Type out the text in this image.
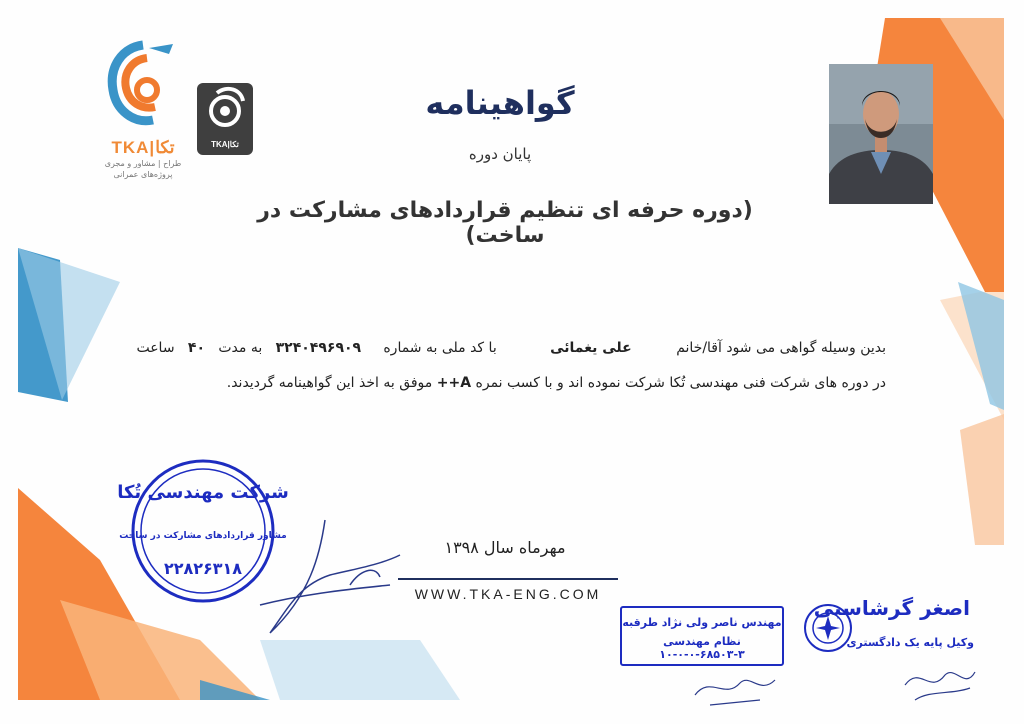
TKA|تکا
طراح | مشاور و مجری
پروژه‌های عمرانی
TKA|تکا
گواهینامه
پایان دوره
(دوره حرفه ای تنظیم قراردادهای مشارکت در ساخت)
بدین وسیله گواهی می شود آقا/خانم          علی یغمائی            با کد ملی به شماره     ۳۲۴۰۴۹۶۹۰۹   به مدت   ۴۰   ساعت
در دوره های شرکت فنی مهندسی تُکا شرکت نموده اند و با کسب نمره A++ موفق به اخذ این گواهینامه گردیدند.
مهرماه سال ۱۳۹۸
WWW.TKA-ENG.COM
شرکت مهندسی تُکا
مشاور قراردادهای مشارکت در ساخت
۲۲۸۲۶۳۱۸
مهندس ناصر ولی نژاد طرقبه
نظام مهندسی ۳-۶۸۵۰۳-۰-۰-۱۰
اصغر گرشاسبی
وکیل پایه یک دادگستری
